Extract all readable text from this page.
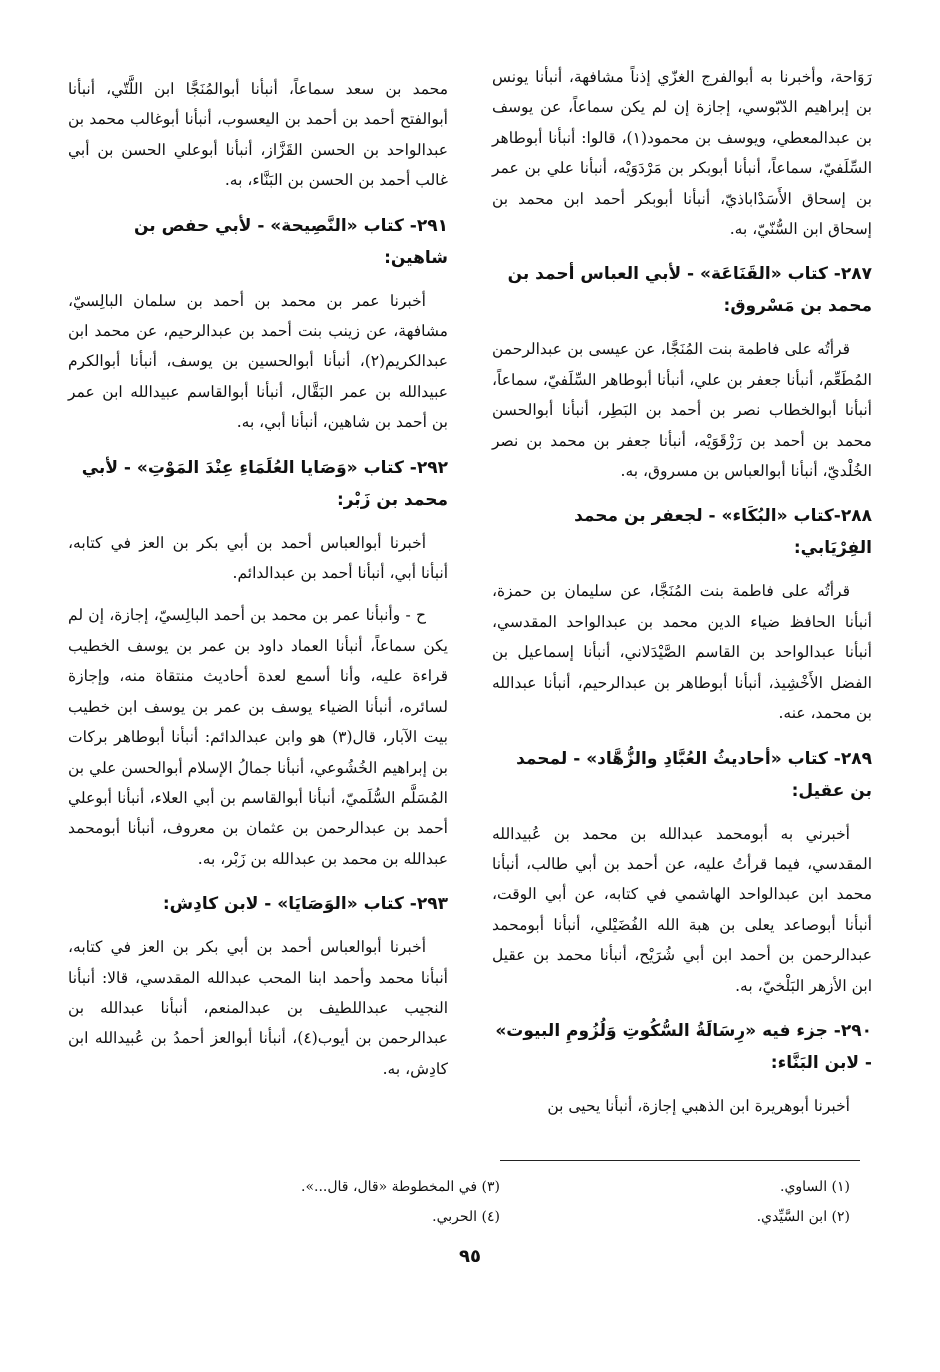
رَوَاحة، وأخبرنا به أبوالفرج الغزّي إذناً مشافهة، أنبأنا يونس بن إبراهيم الدّبّوسي، إجازة إن لم يكن سماعاً، عن يوسف بن عبدالمعطي، ويوسف بن محمود(١)، قالوا: أنبأنا أبوطاهر السِّلَفيّ، سماعاً، أنبأنا أبوبكر بن مَرْدَوَيْه، أنبأنا علي بن عمر بن إسحاق الأَسَدْاباذيّ، أنبأنا أبوبكر أحمد ابن محمد بن إسحاق ابن السُّنّيّ، به.

٢٨٧- كتاب «القَنَاعَة» - لأبي العباس أحمد بن محمد بن مَسْروق:

قرأتُه على فاطمة بنت المُنَجَّا، عن عيسى بن عبدالرحمن المُطَعِّم، أنبأنا جعفر بن علي، أنبأنا أبوطاهر السِّلَفيّ، سماعاً، أنبأنا أبوالخطاب نصر بن أحمد بن البَطِر، أنبأنا أبوالحسن محمد بن أحمد بن رَزْقَوَيْه، أنبأنا جعفر بن محمد بن نصر الخُلْديّ، أنبأنا أبوالعباس بن مسروق، به.

٢٨٨-كتاب «البُكَاء» - لجعفر بن محمد الفِرْيَابي:

قرأتُه على فاطمة بنت المُنَجَّا، عن سليمان بن حمزة، أنبأنا الحافظ ضياء الدين محمد بن عبدالواحد المقدسي، أنبأنا عبدالواحد بن القاسم الصَّيْدَلاني، أنبأنا إسماعيل بن الفضل الأَخْشِيذ، أنبأنا أبوطاهر بن عبدالرحيم، أنبأنا عبدالله بن محمد، عنه.

٢٨٩- كتاب «أحاديثُ العُبَّادِ والزُّهَّاد» - لمحمد بن عقيل:

أخبرني به أبومحمد عبدالله بن محمد بن عُبيدالله المقدسي، فيما قرأتُ عليه، عن أحمد بن أبي طالب، أنبأنا محمد ابن عبدالواحد الهاشمي في كتابه، عن أبي الوقت، أنبأنا أبوصاعد يعلى بن هبة الله الفُضَيْلي، أنبأنا أبومحمد عبدالرحمن بن أحمد ابن أبي شُرَيْح، أنبأنا محمد بن عقيل ابن الأزهر البَلْخيّ، به.

٢٩٠- جزء فيه «رِسَالَةُ السُّكُوتِ وَلُزُومِ البيوت» - لابن البَنَّاء:

أخبرنا أبوهريرة ابن الذهبي إجازة، أنبأنا يحيى بن

محمد بن سعد سماعاً، أنبأنا أبوالمُنَجَّا ابن اللَّتّي، أنبأنا أبوالفتح أحمد بن أحمد بن اليعسوب، أنبأنا أبوغالب محمد بن عبدالواحد بن الحسن القَزَّاز، أنبأنا أبوعلي الحسن بن أبي غالب أحمد بن الحسن بن البَنَّاء، به.

٢٩١- كتاب «النَّصِيحة» - لأبي حفص بن شاهين:

أخبرنا عمر بن محمد بن أحمد بن سلمان البالِسيّ، مشافهة، عن زينب بنت أحمد بن عبدالرحيم، عن محمد ابن عبدالكريم(٢)، أنبأنا أبوالحسين بن يوسف، أنبأنا أبوالكرم عبيدالله بن عمر البَقَّال، أنبأنا أبوالقاسم عبيدالله ابن عمر بن أحمد بن شاهين، أنبأنا أبي، به.

٢٩٢- كتاب «وَصَايا العُلَمَاءِ عِنْدَ المَوْتِ» - لأبي محمد بن زَبْر:

أخبرنا أبوالعباس أحمد بن أبي بكر بن العز في كتابه، أنبأنا أبي، أنبأنا أحمد بن عبدالدائم.

ح - وأنبأنا عمر بن محمد بن أحمد البالِسيّ، إجازة، إن لم يكن سماعاً، أنبأنا العماد داود بن عمر بن يوسف الخطيب قراءة عليه، وأنا أسمع لعدة أحاديث منتقاة منه، وإجازة لسائره، أنبأنا الضياء يوسف بن عمر بن يوسف ابن خطيب بيت الآبار، قال(٣) هو وابن عبدالدائم: أنبأنا أبوطاهر بركات بن إبراهيم الخُشُوعي، أنبأنا جمالُ الإسلام أبوالحسن علي بن المُسَلَّم السُّلَميّ، أنبأنا أبوالقاسم بن أبي العلاء، أنبأنا أبوعلي أحمد بن عبدالرحمن بن عثمان بن معروف، أنبأنا أبومحمد عبدالله بن محمد بن عبدالله بن زَبْر، به.

٢٩٣- كتاب «الوَصَايَا» - لابن كادِش:

أخبرنا أبوالعباس أحمد بن أبي بكر بن العز في كتابه، أنبأنا محمد وأحمد ابنا المحب عبدالله المقدسي، قالا: أنبأنا النجيب عبداللطيف بن عبدالمنعم، أنبأنا عبدالله بن عبدالرحمن بن أيوب(٤)، أنبأنا أبوالعز أحمدُ بن عُبيدالله ابن كادِش، به.

(١) الساوي.
(٢) ابن السَّيِّدي.
(٣) في المخطوطة «قال، قال...».
(٤) الحربي.
٩٥
